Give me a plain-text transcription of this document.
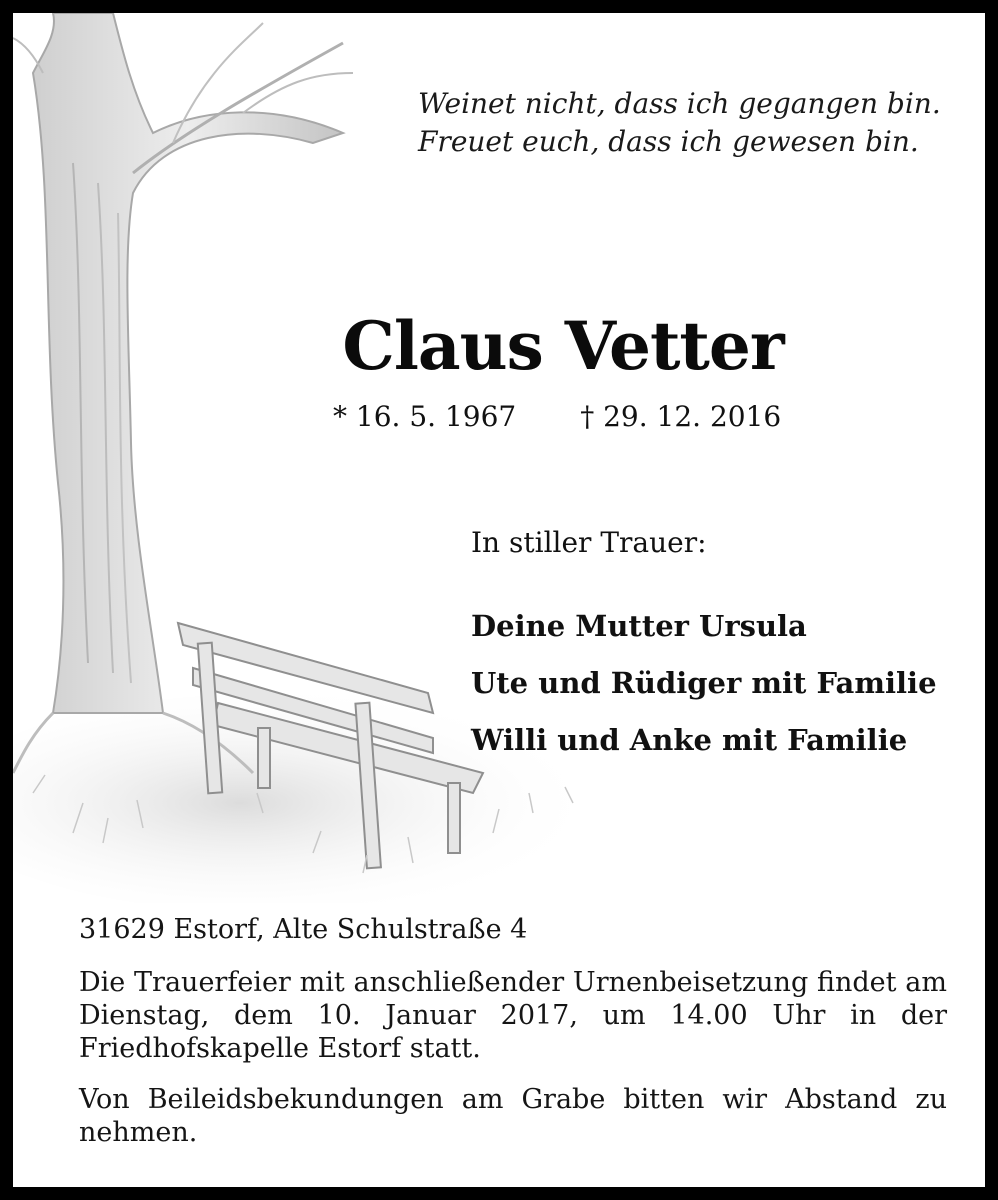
Weinet nicht, dass ich gegangen bin.
Freuet euch, dass ich gewesen bin.
Claus Vetter
* 16. 5. 1967 † 29. 12. 2016
In stiller Trauer:
Deine Mutter Ursula
Ute und Rüdiger mit Familie
Willi und Anke mit Familie

31629 Estorf, Alte Schulstraße 4

Die Trauerfeier mit anschließender Urnenbeisetzung findet am Dienstag, dem 10. Januar 2017, um 14.00 Uhr in der Friedhofskapelle Estorf statt.

Von Beileidsbekundungen am Grabe bitten wir Abstand zu nehmen.
